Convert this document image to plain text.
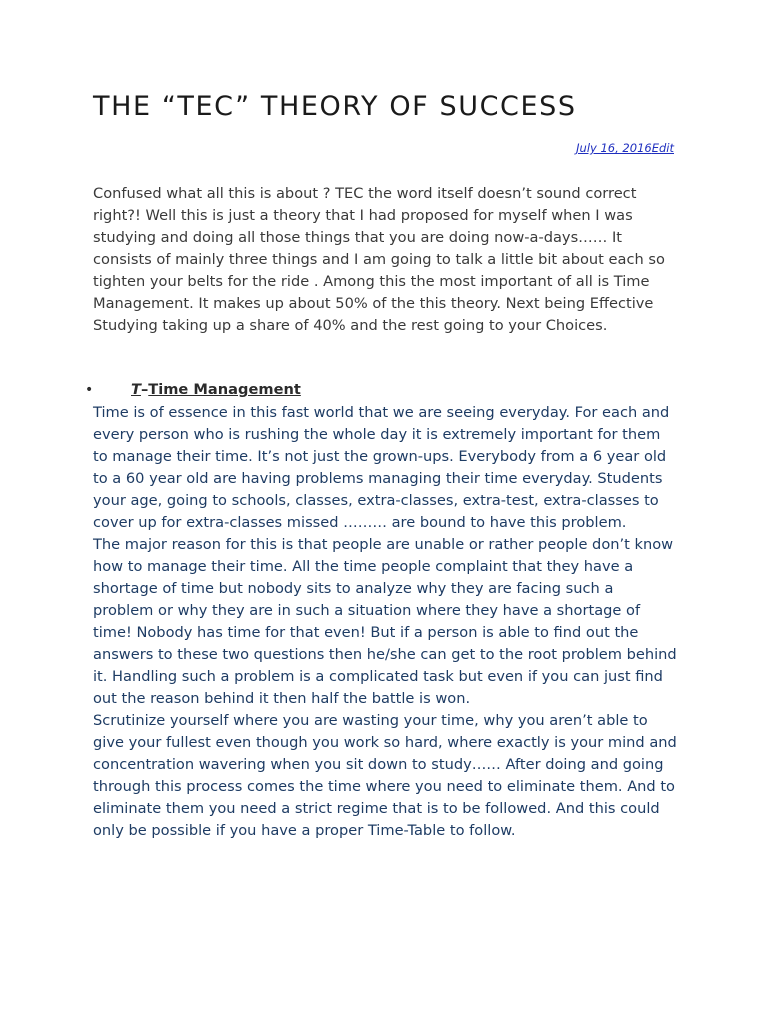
THE “TEC” THEORY OF SUCCESS
July 16, 2016Edit

Confused what all this is about ? TEC the word itself doesn’t sound correct right?! Well this is just a theory that I had proposed for myself when I was studying and doing all those things that you are doing now-a-days…… It consists of mainly three things and I am going to talk a little bit about each so tighten your belts for the ride . Among this the most important of all is Time Management. It makes up about 50% of the this theory. Next being Effective Studying taking up a share of 40% and the rest going to your Choices.

•	T–Time Management

Time is of essence in this fast world that we are seeing everyday. For each and every person who is rushing the whole day it is extremely important for them to manage their time. It’s not just the grown-ups. Everybody from a 6 year old to a 60 year old are having problems managing their time everyday. Students your age, going to schools, classes, extra-classes, extra-test, extra-classes to cover up for extra-classes missed ……… are bound to have this problem.

The major reason for this is that people are unable or rather people don’t know how to manage their time. All the time people complaint that they have a shortage of time but nobody sits to analyze why they are facing such a problem or why they are in such a situation where they have a shortage of time! Nobody has time for that even! But if a person is able to find out the answers to these two questions then he/she can get to the root problem behind it. Handling such a problem is a complicated task but even if you can just find out the reason behind it then half the battle is won.

Scrutinize yourself where you are wasting your time, why you aren’t able to give your fullest even though you work so hard, where exactly is your mind and concentration wavering when you sit down to study…… After doing and going through this process comes the time where you need to eliminate them. And to eliminate them you need a strict regime that is to be followed. And this could only be possible if you have a proper Time-Table to follow.
